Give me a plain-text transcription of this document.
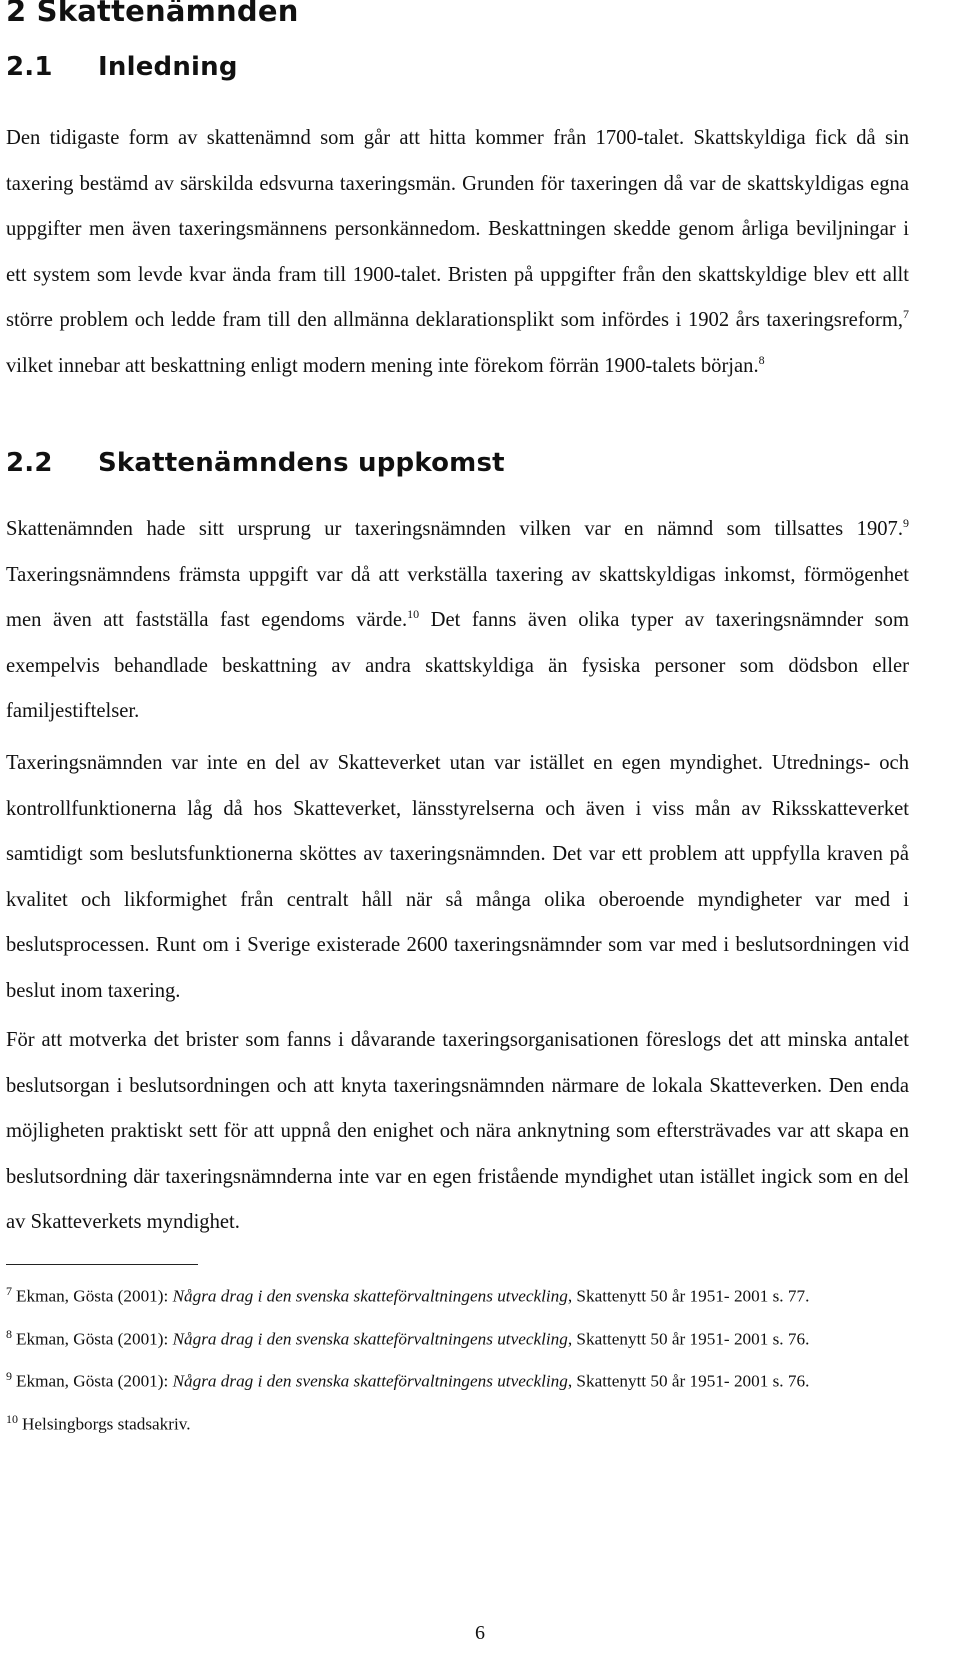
2 Skattenämnden
2.1 Inledning

Den tidigaste form av skattenämnd som går att hitta kommer från 1700-talet. Skattskyldiga fick då sin taxering bestämd av särskilda edsvurna taxeringsmän. Grunden för taxeringen då var de skattskyldigas egna uppgifter men även taxeringsmännens personkännedom. Beskattningen skedde genom årliga beviljningar i ett system som levde kvar ända fram till 1900-talet. Bristen på uppgifter från den skattskyldige blev ett allt större problem och ledde fram till den allmänna deklarationsplikt som infördes i 1902 års taxeringsreform,$^7$ vilket innebar att beskattning enligt modern mening inte förekom förrän 1900-talets början.$^8$

2.2 Skattenämndens uppkomst

Skattenämnden hade sitt ursprung ur taxeringsnämnden vilken var en nämnd som tillsattes 1907.$^9$ Taxeringsnämndens främsta uppgift var då att verkställa taxering av skattskyldigas inkomst, förmögenhet men även att fastställa fast egendoms värde.$^{10}$ Det fanns även olika typer av taxeringsnämnder som exempelvis behandlade beskattning av andra skattskyldiga än fysiska personer som dödsbon eller familjestiftelser.

Taxeringsnämnden var inte en del av Skatteverket utan var istället en egen myndighet. Utrednings- och kontrollfunktionerna låg då hos Skatteverket, länsstyrelserna och även i viss mån av Riksskatteverket samtidigt som beslutsfunktionerna sköttes av taxeringsnämnden. Det var ett problem att uppfylla kraven på kvalitet och likformighet från centralt håll när så många olika oberoende myndigheter var med i beslutsprocessen. Runt om i Sverige existerade 2600 taxeringsnämnder som var med i beslutsordningen vid beslut inom taxering.

För att motverka det brister som fanns i dåvarande taxeringsorganisationen föreslogs det att minska antalet beslutsorgan i beslutsordningen och att knyta taxeringsnämnden närmare de lokala Skatteverken. Den enda möjligheten praktiskt sett för att uppnå den enighet och nära anknytning som eftersträvades var att skapa en beslutsordning där taxeringsnämnderna inte var en egen fristående myndighet utan istället ingick som en del av Skatteverkets myndighet.

$^7$ Ekman, Gösta (2001): Några drag i den svenska skatteförvaltningens utveckling, Skattenytt 50 år 1951- 2001 s. 77.

$^8$ Ekman, Gösta (2001): Några drag i den svenska skatteförvaltningens utveckling, Skattenytt 50 år 1951- 2001 s. 76.

$^9$ Ekman, Gösta (2001): Några drag i den svenska skatteförvaltningens utveckling, Skattenytt 50 år 1951- 2001 s. 76.

$^{10}$ Helsingborgs stadsakriv.

6
